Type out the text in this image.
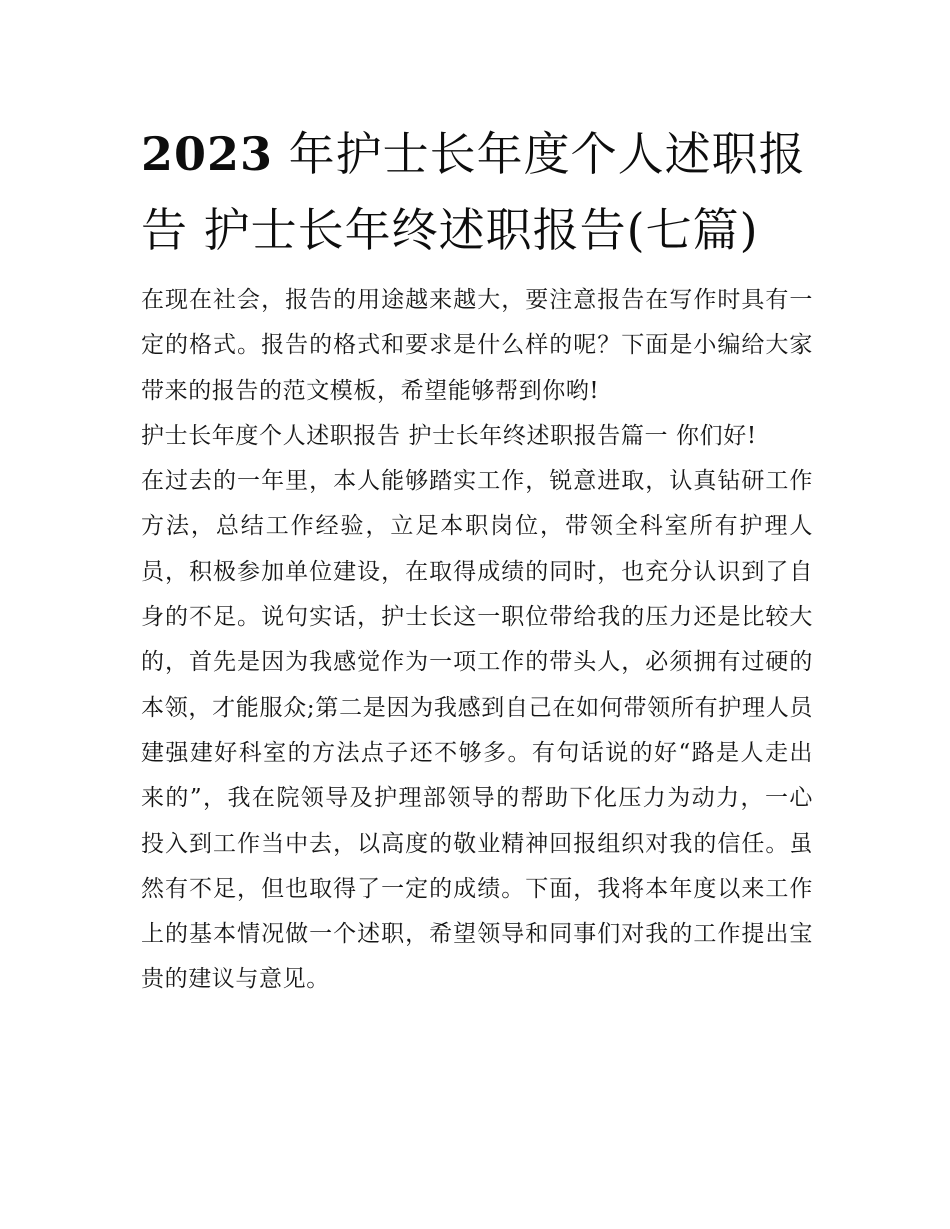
2023 年护士长年度个人述职报告 护士长年终述职报告(七篇)

在现在社会，报告的用途越来越大，要注意报告在写作时具有一定的格式。报告的格式和要求是什么样的呢？下面是小编给大家带来的报告的范文模板，希望能够帮到你哟!

护士长年度个人述职报告 护士长年终述职报告篇一 你们好!

在过去的一年里，本人能够踏实工作，锐意进取，认真钻研工作方法，总结工作经验，立足本职岗位，带领全科室所有护理人员，积极参加单位建设，在取得成绩的同时，也充分认识到了自身的不足。说句实话，护士长这一职位带给我的压力还是比较大的，首先是因为我感觉作为一项工作的带头人，必须拥有过硬的本领，才能服众;第二是因为我感到自己在如何带领所有护理人员建强建好科室的方法点子还不够多。有句话说的好“路是人走出来的”，我在院领导及护理部领导的帮助下化压力为动力，一心投入到工作当中去，以高度的敬业精神回报组织对我的信任。虽然有不足，但也取得了一定的成绩。下面，我将本年度以来工作上的基本情况做一个述职，希望领导和同事们对我的工作提出宝贵的建议与意见。
